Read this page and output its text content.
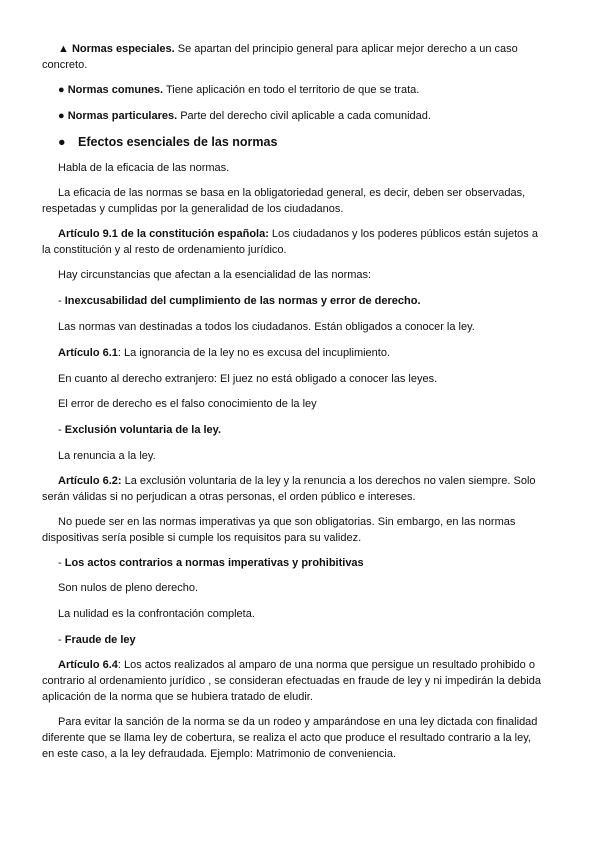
▲ Normas especiales. Se apartan del principio general para aplicar mejor derecho a un caso concreto.

● Normas comunes. Tiene aplicación en todo el territorio de que se trata.

● Normas particulares. Parte del derecho civil aplicable a cada comunidad.

● Efectos esenciales de las normas

Habla de la eficacia de las normas.

La eficacia de las normas se basa en la obligatoriedad general, es decir, deben ser observadas, respetadas y cumplidas por la generalidad de los ciudadanos.

Artículo 9.1 de la constitución española: Los ciudadanos y los poderes públicos están sujetos a la constitución y al resto de ordenamiento jurídico.

Hay circunstancias que afectan a la esencialidad de las normas:

- Inexcusabilidad del cumplimiento de las normas y error de derecho.

Las normas van destinadas a todos los ciudadanos. Están obligados a conocer la ley.

Artículo 6.1: La ignorancia de la ley no es excusa del incuplimiento.

En cuanto al derecho extranjero: El juez no está obligado a conocer las leyes.

El error de derecho es el falso conocimiento de la ley

- Exclusión voluntaria de la ley.

La renuncia a la ley.

Artículo 6.2: La exclusión voluntaria de la ley y la renuncia a los derechos no valen siempre. Solo serán válidas si no perjudican a otras personas, el orden público e intereses.

No puede ser en las normas imperativas ya que son obligatorias. Sin embargo, en las normas dispositivas sería posible si cumple los requisitos para su validez.

- Los actos contrarios a normas imperativas y prohibitivas

Son nulos de pleno derecho.

La nulidad es la confrontación completa.

- Fraude de ley

Artículo 6.4: Los actos realizados al amparo de una norma que persigue un resultado prohibido o contrario al ordenamiento jurídico , se consideran efectuadas en fraude de ley y ni impedirán la debida aplicación de la norma que se hubiera tratado de eludir.

Para evitar la sanción de la norma se da un rodeo y amparándose en una ley dictada con finalidad diferente que se llama ley de cobertura, se realiza el acto que produce el resultado contrario a la ley, en este caso, a la ley defraudada. Ejemplo: Matrimonio de conveniencia.
